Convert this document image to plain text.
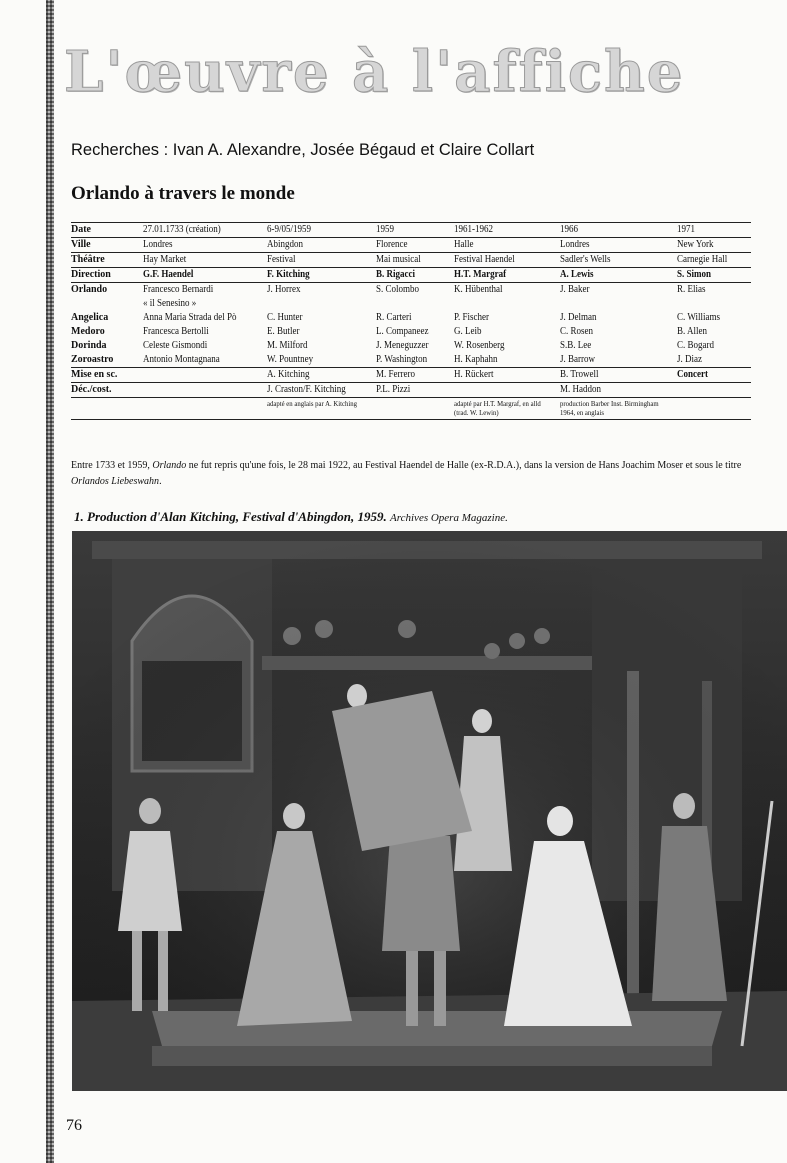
L'œuvre à l'affiche
Recherches : Ivan A. Alexandre, Josée Bégaud et Claire Collart
Orlando à travers le monde
Date	27.01.1733 (création)	6-9/05/1959	1959	1961-1962	1966	1971
Ville	Londres	Abingdon	Florence	Halle	Londres	New York
Théâtre	Hay Market	Festival	Mai musical	Festival Haendel	Sadler's Wells	Carnegie Hall
Direction	G.F. Haendel	F. Kitching	B. Rigacci	H.T. Margraf	A. Lewis	S. Simon
Orlando	Francesco Bernardi	J. Horrex	S. Colombo	K. Hübenthal	J. Baker	R. Elias
	« il Senesino »					
Angelica	Anna Maria Strada del Pò	C. Hunter	R. Carteri	P. Fischer	J. Delman	C. Williams
Medoro	Francesca Bertolli	E. Butler	L. Companeez	G. Leib	C. Rosen	B. Allen
Dorinda	Celeste Gismondi	M. Milford	J. Meneguzzer	W. Rosenberg	S.B. Lee	C. Bogard
Zoroastro	Antonio Montagnana	W. Pountney	P. Washington	H. Kaphahn	J. Barrow	J. Diaz
Mise en sc.		A. Kitching	M. Ferrero	H. Rückert	B. Trowell	Concert
Déc./cost.		J. Craston/F. Kitching	P.L. Pizzi		M. Haddon	
		adapté en anglais par A. Kitching		adapté par H.T. Margraf, en alld (trad. W. Lewin)	production Barber Inst. Birmingham 1964, en anglais	

Entre 1733 et 1959, Orlando ne fut repris qu'une fois, le 28 mai 1922, au Festival Haendel de Halle (ex-R.D.A.), dans la version de Hans Joachim Moser et sous le titre Orlandos Liebeswahn.

1. Production d'Alan Kitching, Festival d'Abingdon, 1959. Archives Opera Magazine.

76
